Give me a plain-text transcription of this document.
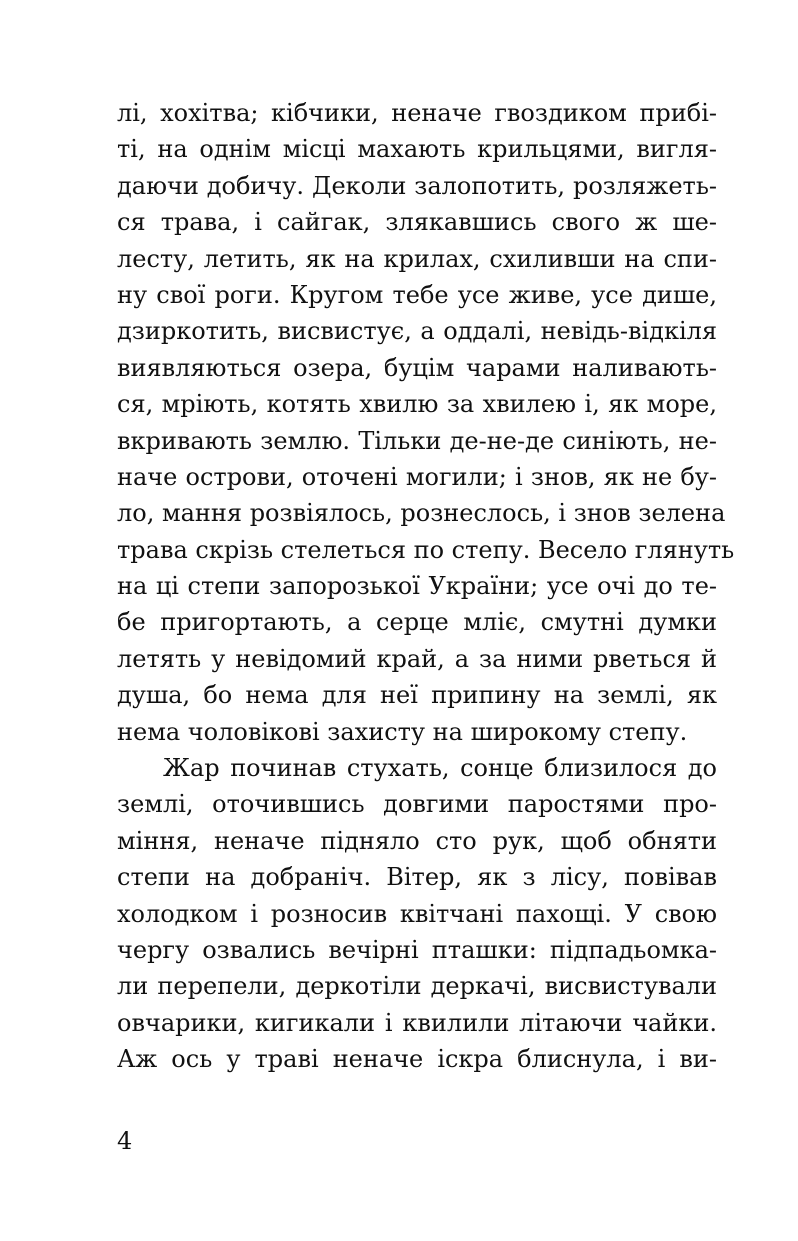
лі, хохітва; кібчики, неначе гвоздиком прибі-
ті, на однім місці махають крильцями, вигля-
даючи добичу. Деколи залопотить, розляжеть-
ся трава, і сайгак, злякавшись свого ж ше-
лесту, летить, як на крилах, схиливши на спи-
ну свої роги. Кругом тебе усе живе, усе дише,
дзиркотить, висвистує, а оддалі, невідь-відкіля
виявляються озера, буцім чарами наливають-
ся, мріють, котять хвилю за хвилею і, як море,
вкривають землю. Тільки де-не-де синіють, не-
наче острови, оточені могили; і знов, як не бу-
ло, мання розвіялось, рознеслось, і знов зелена
трава скрізь стелеться по степу. Весело глянуть
на ці степи запорозької України; усе очі до те-
бе пригортають, а серце мліє, смутні думки
летять у невідомий край, а за ними рветься й
душа, бо нема для неї припину на землі, як
нема чоловікові захисту на широкому степу.
Жар починав стухать, сонце близилося до
землі, оточившись довгими паростями про-
міння, неначе підняло сто рук, щоб обняти
степи на добраніч. Вітер, як з лісу, повівав
холодком і розносив квітчані пахощі. У свою
чергу озвались вечірні пташки: підпадьомка-
ли перепели, деркотіли деркачі, висвистували
овчарики, кигикали і квилили літаючи чайки.
Аж ось у траві неначе іскра блиснула, і ви-
4
